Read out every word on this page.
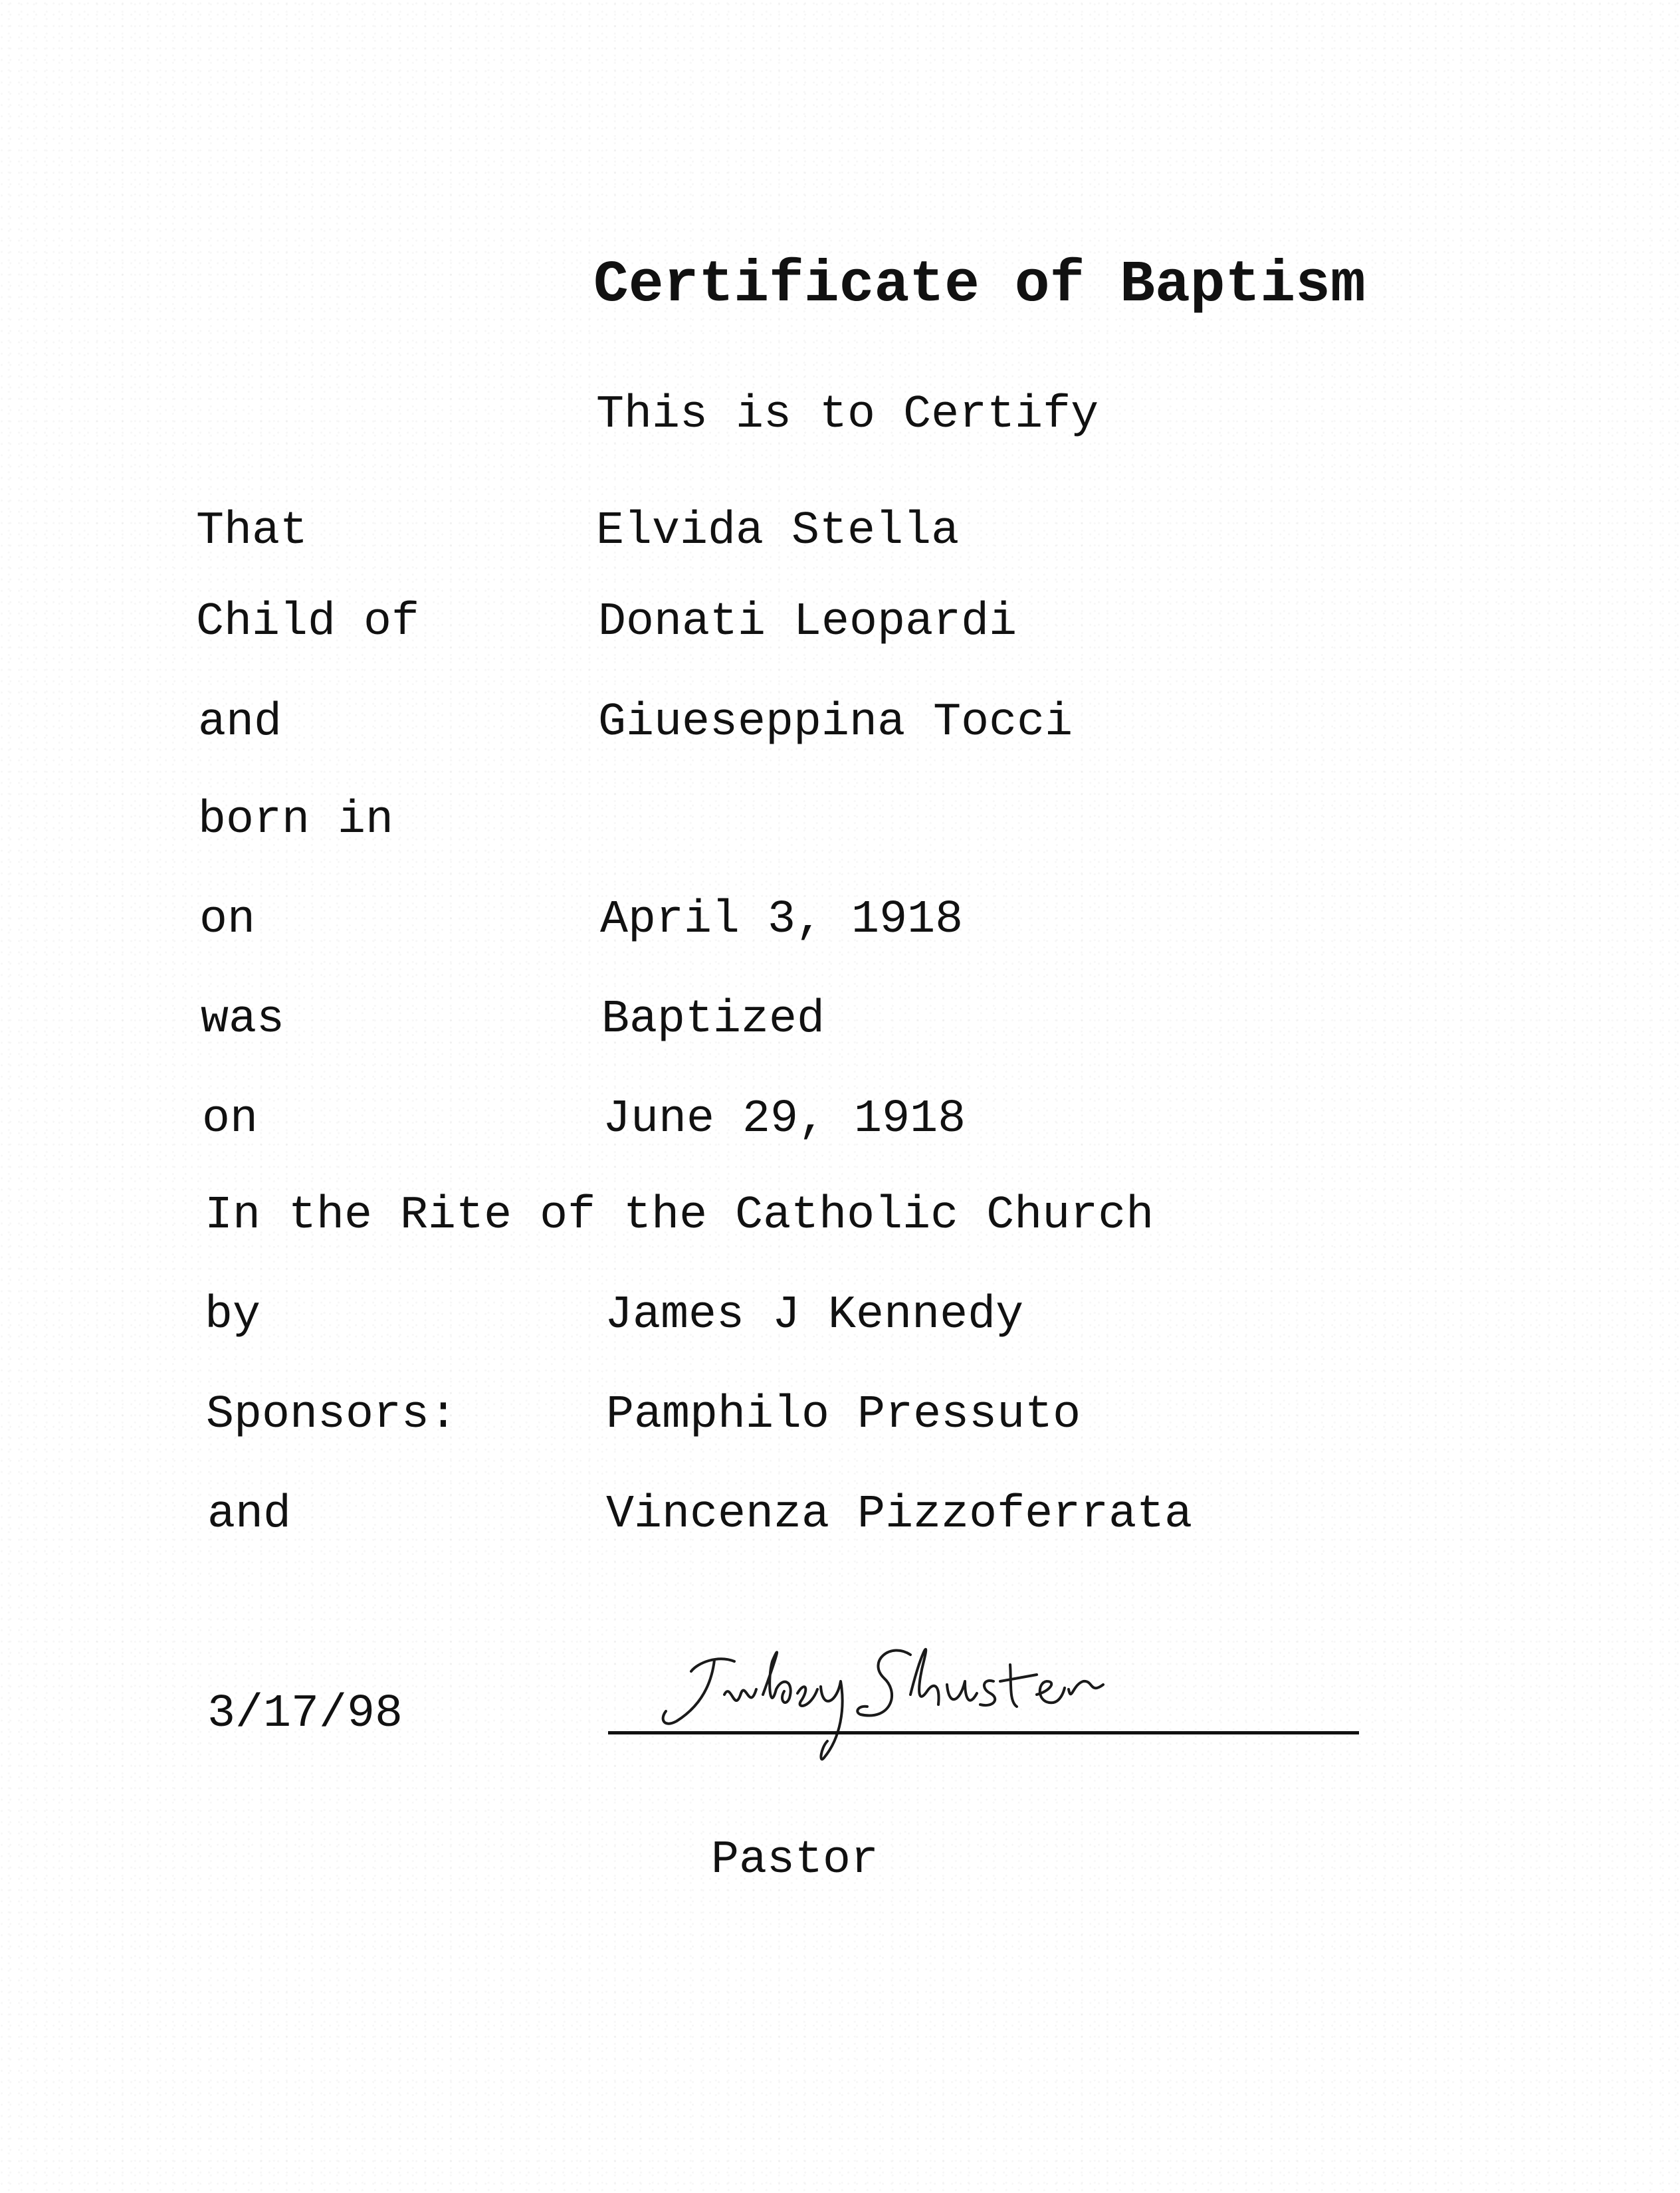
Certificate of Baptism
This is to Certify
That	Elvida Stella
Child of	Donati Leopardi
and	Giueseppina Tocci
born in
on	April 3, 1918
was	Baptized
on	June 29, 1918
In the Rite of the Catholic Church
by	James J Kennedy
Sponsors:	Pamphilo Pressuto
and	Vincenza Pizzoferrata
3/17/98
Pastor
